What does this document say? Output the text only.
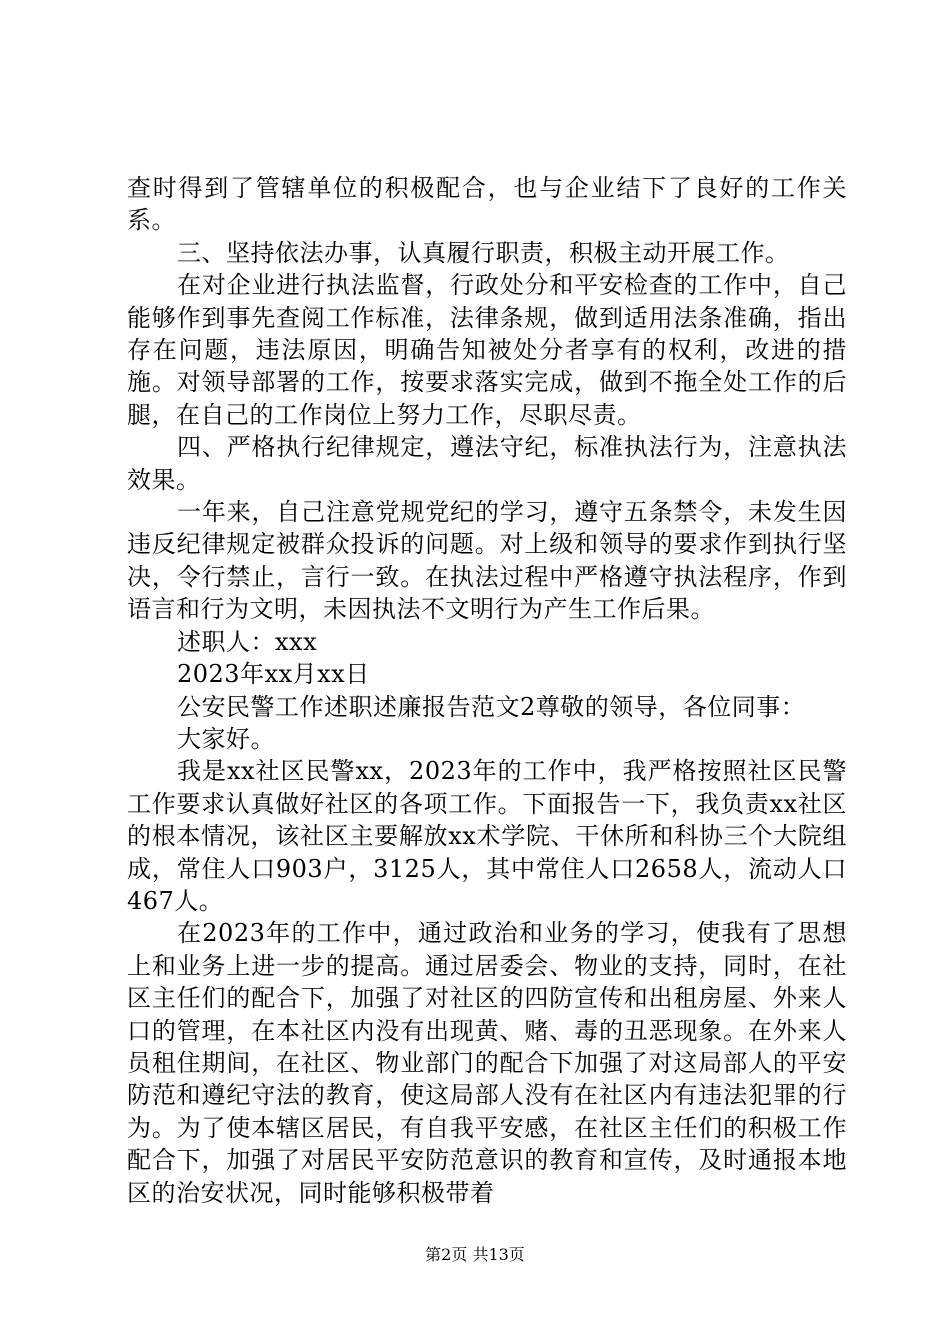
查时得到了管辖单位的积极配合，也与企业结下了良好的工作关系。

三、坚持依法办事，认真履行职责，积极主动开展工作。

在对企业进行执法监督，行政处分和平安检查的工作中，自己能够作到事先查阅工作标准，法律条规，做到适用法条准确，指出存在问题，违法原因，明确告知被处分者享有的权利，改进的措施。对领导部署的工作，按要求落实完成，做到不拖全处工作的后腿，在自己的工作岗位上努力工作，尽职尽责。

四、严格执行纪律规定，遵法守纪，标准执法行为，注意执法效果。

一年来，自己注意党规党纪的学习，遵守五条禁令，未发生因违反纪律规定被群众投诉的问题。对上级和领导的要求作到执行坚决，令行禁止，言行一致。在执法过程中严格遵守执法程序，作到语言和行为文明，未因执法不文明行为产生工作后果。

述职人：xxx

2023年xx月xx日

公安民警工作述职述廉报告范文2尊敬的领导，各位同事：

大家好。

我是xx社区民警xx，2023年的工作中，我严格按照社区民警工作要求认真做好社区的各项工作。下面报告一下，我负责xx社区的根本情况，该社区主要解放xx术学院、干休所和科协三个大院组成，常住人口903户，3125人，其中常住人口2658人，流动人口467人。

在2023年的工作中，通过政治和业务的学习，使我有了思想上和业务上进一步的提高。通过居委会、物业的支持，同时，在社区主任们的配合下，加强了对社区的四防宣传和出租房屋、外来人口的管理，在本社区内没有出现黄、赌、毒的丑恶现象。在外来人员租住期间，在社区、物业部门的配合下加强了对这局部人的平安防范和遵纪守法的教育，使这局部人没有在社区内有违法犯罪的行为。为了使本辖区居民，有自我平安感，在社区主任们的积极工作配合下，加强了对居民平安防范意识的教育和宣传，及时通报本地区的治安状况，同时能够积极带着

第2页 共13页
